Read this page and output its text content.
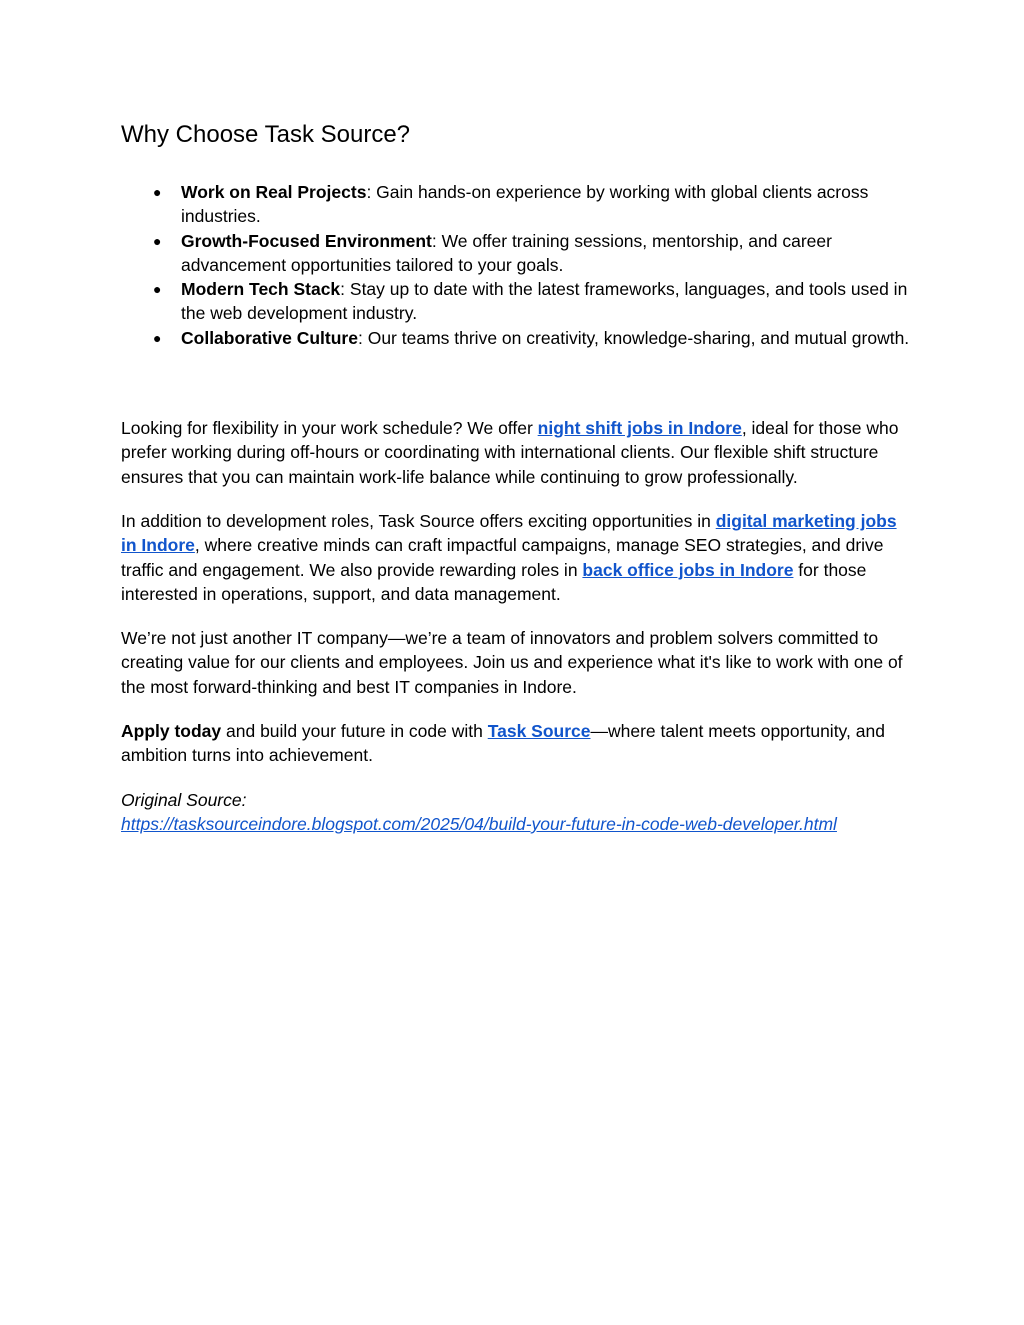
Why Choose Task Source?
● Work on Real Projects: Gain hands-on experience by working with global clients across industries.
● Growth-Focused Environment: We offer training sessions, mentorship, and career advancement opportunities tailored to your goals.
● Modern Tech Stack: Stay up to date with the latest frameworks, languages, and tools used in the web development industry.
● Collaborative Culture: Our teams thrive on creativity, knowledge-sharing, and mutual growth.

Looking for flexibility in your work schedule? We offer night shift jobs in Indore, ideal for those who prefer working during off-hours or coordinating with international clients. Our flexible shift structure ensures that you can maintain work-life balance while continuing to grow professionally.

In addition to development roles, Task Source offers exciting opportunities in digital marketing jobs in Indore, where creative minds can craft impactful campaigns, manage SEO strategies, and drive traffic and engagement. We also provide rewarding roles in back office jobs in Indore for those interested in operations, support, and data management.

We’re not just another IT company—we’re a team of innovators and problem solvers committed to creating value for our clients and employees. Join us and experience what it's like to work with one of the most forward-thinking and best IT companies in Indore.

Apply today and build your future in code with Task Source—where talent meets opportunity, and ambition turns into achievement.

Original Source:
https://tasksourceindore.blogspot.com/2025/04/build-your-future-in-code-web-developer.html
